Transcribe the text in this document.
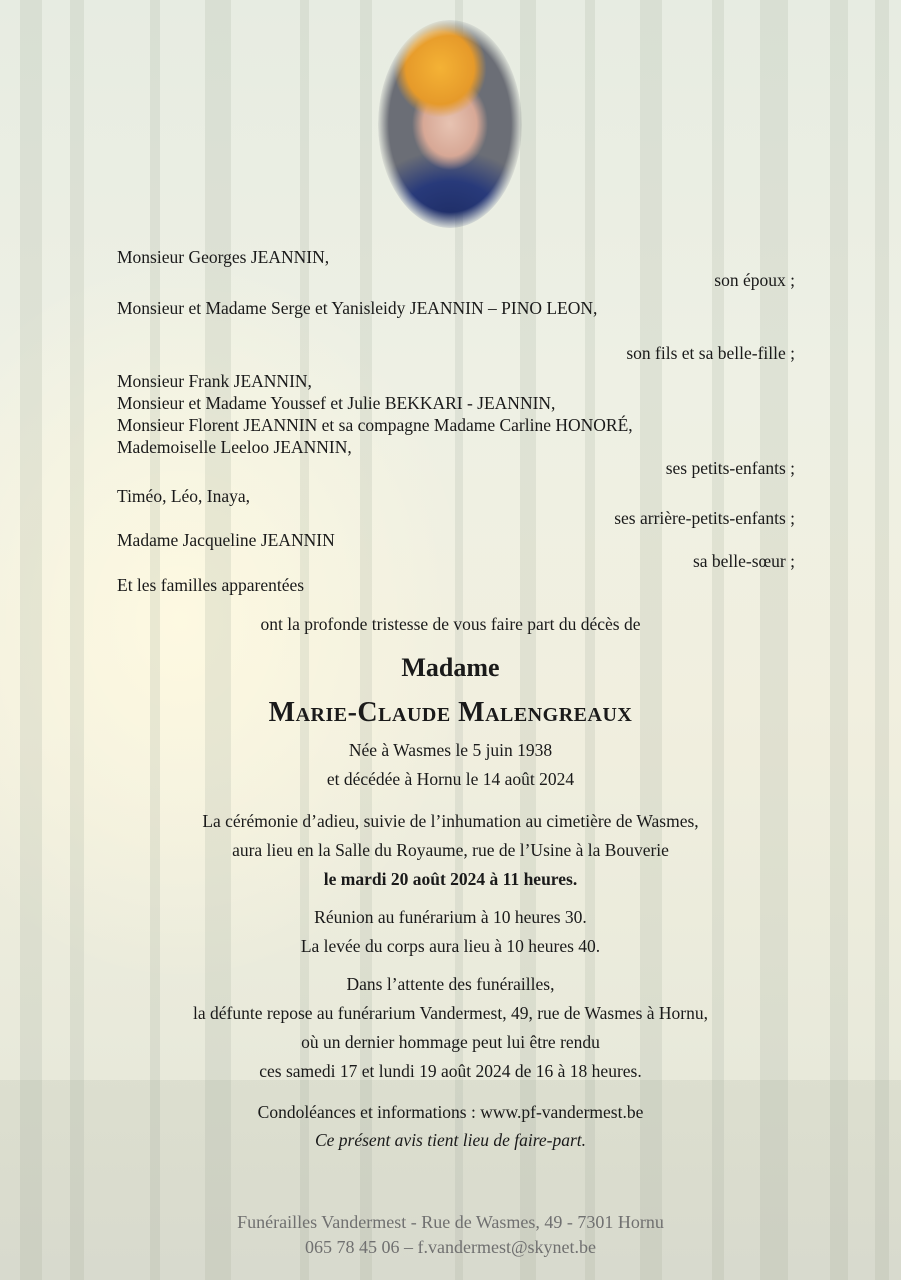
Monsieur Georges JEANNIN,
son époux ;
Monsieur et Madame Serge et Yanisleidy JEANNIN – PINO LEON,
son fils et sa belle-fille ;
Monsieur Frank JEANNIN,
Monsieur et Madame Youssef et Julie BEKKARI - JEANNIN,
Monsieur Florent JEANNIN et sa compagne Madame Carline HONORÉ,
Mademoiselle Leeloo JEANNIN,
ses petits-enfants ;
Timéo, Léo, Inaya,
ses arrière-petits-enfants ;
Madame Jacqueline JEANNIN
sa belle-sœur ;
Et les familles apparentées
ont la profonde tristesse de vous faire part du décès de
Madame
Marie-Claude Malengreaux
Née à Wasmes le 5 juin 1938
et décédée à Hornu le 14 août 2024
La cérémonie d’adieu, suivie de l’inhumation au cimetière de Wasmes,
aura lieu en la Salle du Royaume, rue de l’Usine à la Bouverie
le mardi 20 août 2024 à 11 heures.
Réunion au funérarium à 10 heures 30.
La levée du corps aura lieu à 10 heures 40.
Dans l’attente des funérailles,
la défunte repose au funérarium Vandermest, 49, rue de Wasmes à Hornu,
où un dernier hommage peut lui être rendu
ces samedi 17 et lundi 19 août 2024 de 16 à 18 heures.
Condoléances et informations : www.pf-vandermest.be
Ce présent avis tient lieu de faire-part.
Funérailles Vandermest - Rue de Wasmes, 49 - 7301 Hornu
065 78 45 06 – f.vandermest@skynet.be
